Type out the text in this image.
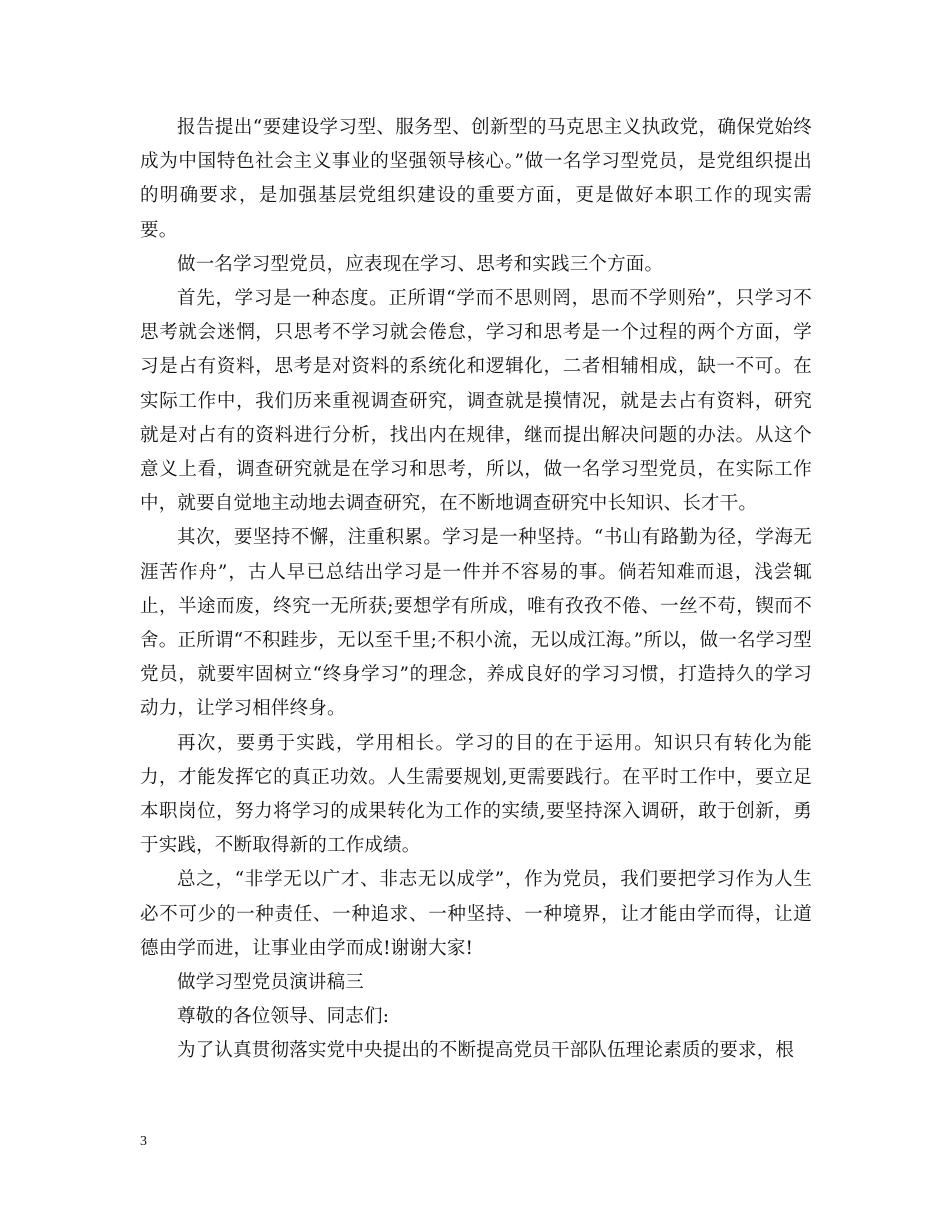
报告提出“要建设学习型、服务型、创新型的马克思主义执政党，确保党始终成为中国特色社会主义事业的坚强领导核心。”做一名学习型党员，是党组织提出的明确要求，是加强基层党组织建设的重要方面，更是做好本职工作的现实需要。

做一名学习型党员，应表现在学习、思考和实践三个方面。

首先，学习是一种态度。正所谓“学而不思则罔，思而不学则殆”，只学习不思考就会迷惘，只思考不学习就会倦怠，学习和思考是一个过程的两个方面，学习是占有资料，思考是对资料的系统化和逻辑化，二者相辅相成，缺一不可。在实际工作中，我们历来重视调查研究，调查就是摸情况，就是去占有资料，研究就是对占有的资料进行分析，找出内在规律，继而提出解决问题的办法。从这个意义上看，调查研究就是在学习和思考，所以，做一名学习型党员，在实际工作中，就要自觉地主动地去调查研究，在不断地调查研究中长知识、长才干。

其次，要坚持不懈，注重积累。学习是一种坚持。“书山有路勤为径，学海无涯苦作舟”，古人早已总结出学习是一件并不容易的事。倘若知难而退，浅尝辄止，半途而废，终究一无所获;要想学有所成，唯有孜孜不倦、一丝不苟，锲而不舍。正所谓“不积跬步，无以至千里;不积小流，无以成江海。”所以，做一名学习型党员，就要牢固树立“终身学习”的理念，养成良好的学习习惯，打造持久的学习动力，让学习相伴终身。

再次，要勇于实践，学用相长。学习的目的在于运用。知识只有转化为能力，才能发挥它的真正功效。人生需要规划,更需要践行。在平时工作中，要立足本职岗位，努力将学习的成果转化为工作的实绩,要坚持深入调研，敢于创新，勇于实践，不断取得新的工作成绩。

总之，“非学无以广才、非志无以成学”，作为党员，我们要把学习作为人生必不可少的一种责任、一种追求、一种坚持、一种境界，让才能由学而得，让道德由学而进，让事业由学而成!谢谢大家!

做学习型党员演讲稿三

尊敬的各位领导、同志们:

为了认真贯彻落实党中央提出的不断提高党员干部队伍理论素质的要求，根

3
